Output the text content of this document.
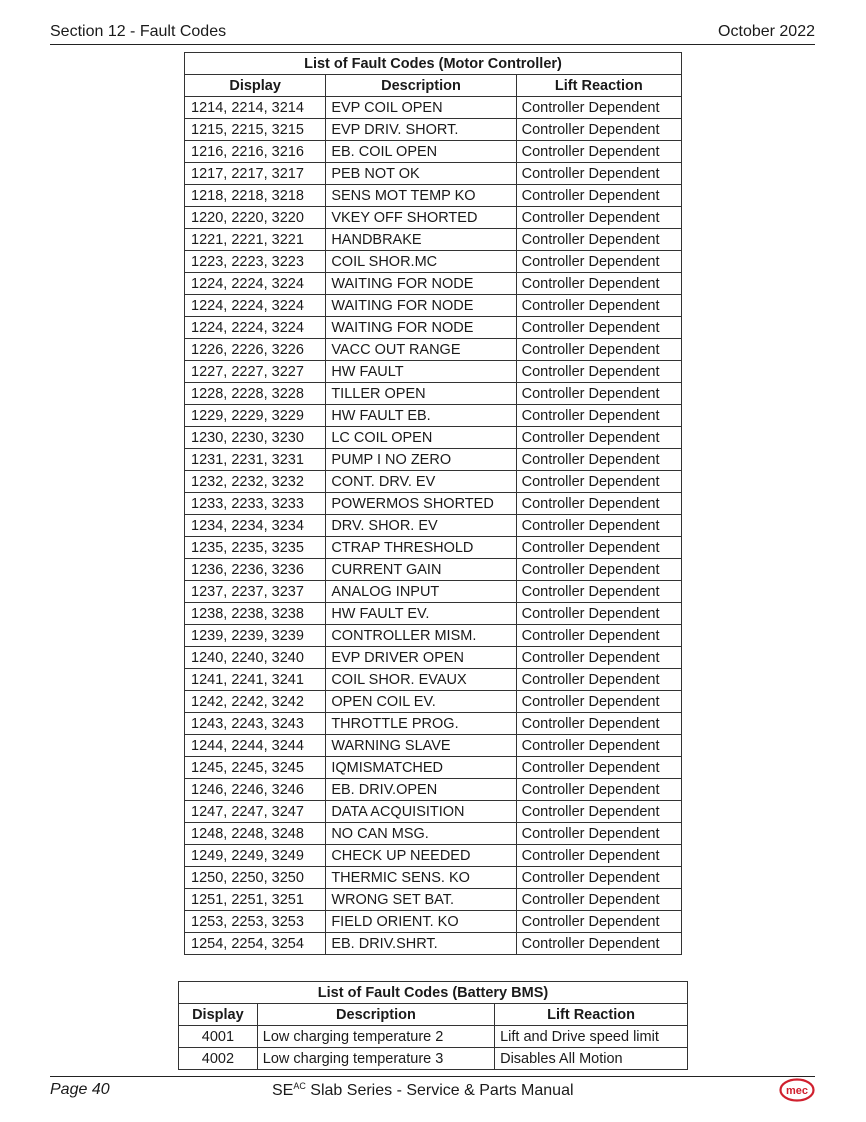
Section 12 - Fault Codes	October 2022
List of Fault Codes (Motor Controller)		
Display	Description	Lift Reaction
1214, 2214, 3214	EVP COIL OPEN	Controller Dependent
1215, 2215, 3215	EVP DRIV. SHORT.	Controller Dependent
1216, 2216, 3216	EB. COIL OPEN	Controller Dependent
1217, 2217, 3217	PEB NOT OK	Controller Dependent
1218, 2218, 3218	SENS MOT TEMP KO	Controller Dependent
1220, 2220, 3220	VKEY OFF SHORTED	Controller Dependent
1221, 2221, 3221	HANDBRAKE	Controller Dependent
1223, 2223, 3223	COIL SHOR.MC	Controller Dependent
1224, 2224, 3224	WAITING FOR NODE	Controller Dependent
1224, 2224, 3224	WAITING FOR NODE	Controller Dependent
1224, 2224, 3224	WAITING FOR NODE	Controller Dependent
1226, 2226, 3226	VACC OUT RANGE	Controller Dependent
1227, 2227, 3227	HW FAULT	Controller Dependent
1228, 2228, 3228	TILLER OPEN	Controller Dependent
1229, 2229, 3229	HW FAULT EB.	Controller Dependent
1230, 2230, 3230	LC COIL OPEN	Controller Dependent
1231, 2231, 3231	PUMP I NO ZERO	Controller Dependent
1232, 2232, 3232	CONT. DRV. EV	Controller Dependent
1233, 2233, 3233	POWERMOS SHORTED	Controller Dependent
1234, 2234, 3234	DRV. SHOR. EV	Controller Dependent
1235, 2235, 3235	CTRAP THRESHOLD	Controller Dependent
1236, 2236, 3236	CURRENT GAIN	Controller Dependent
1237, 2237, 3237	ANALOG INPUT	Controller Dependent
1238, 2238, 3238	HW FAULT EV.	Controller Dependent
1239, 2239, 3239	CONTROLLER MISM.	Controller Dependent
1240, 2240, 3240	EVP DRIVER OPEN	Controller Dependent
1241, 2241, 3241	COIL SHOR. EVAUX	Controller Dependent
1242, 2242, 3242	OPEN COIL EV.	Controller Dependent
1243, 2243, 3243	THROTTLE PROG.	Controller Dependent
1244, 2244, 3244	WARNING SLAVE	Controller Dependent
1245, 2245, 3245	IQMISMATCHED	Controller Dependent
1246, 2246, 3246	EB. DRIV.OPEN	Controller Dependent
1247, 2247, 3247	DATA ACQUISITION	Controller Dependent
1248, 2248, 3248	NO CAN MSG.	Controller Dependent
1249, 2249, 3249	CHECK UP NEEDED	Controller Dependent
1250, 2250, 3250	THERMIC SENS. KO	Controller Dependent
1251, 2251, 3251	WRONG SET BAT.	Controller Dependent
1253, 2253, 3253	FIELD ORIENT. KO	Controller Dependent
1254, 2254, 3254	EB. DRIV.SHRT.	Controller Dependent
List of Fault Codes (Battery BMS)		
Display	Description	Lift Reaction
4001	Low charging temperature 2	Lift and Drive speed limit
4002	Low charging temperature 3	Disables All Motion
Page 40	$SE^{AC}$ Slab Series - Service & Parts Manual	mec
